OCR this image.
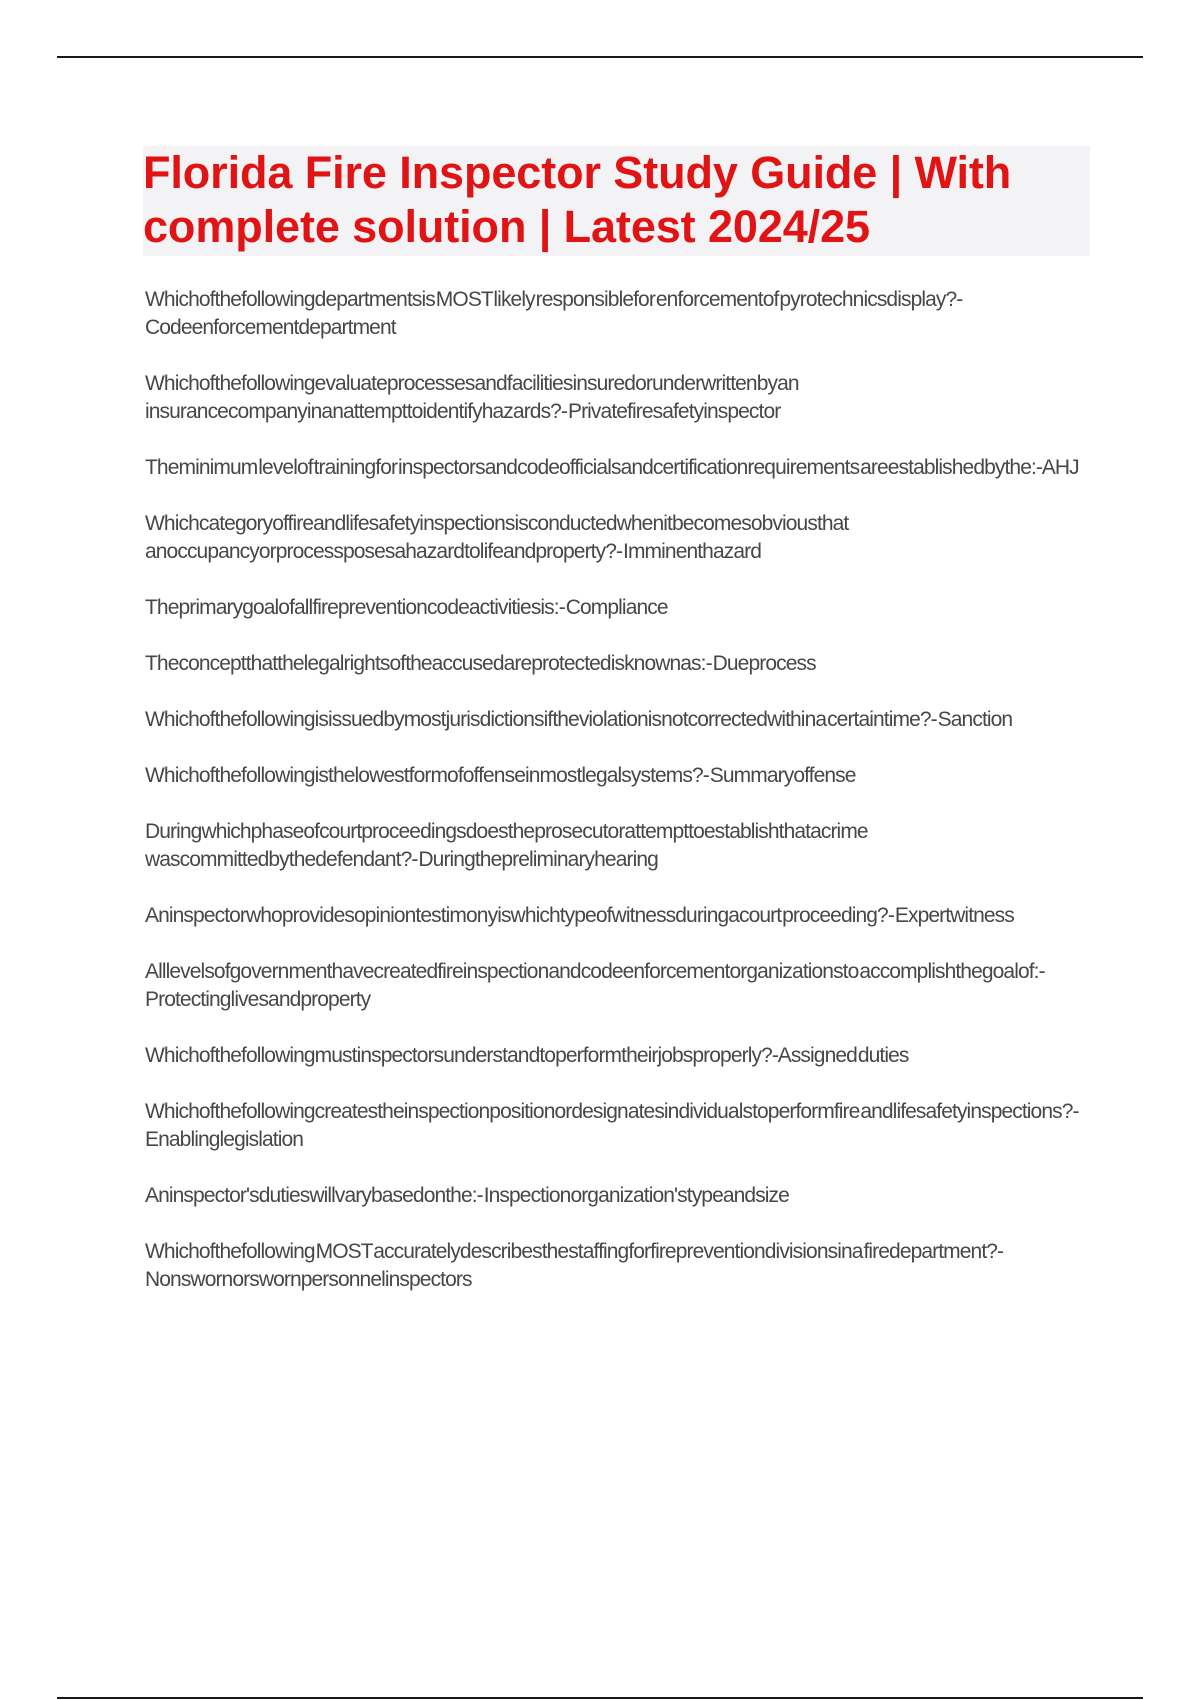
Florida Fire Inspector Study Guide | With complete solution | Latest 2024/25

Whichofthefollowingdepartmentsis MOST likely responsiblefor enforcementof pyrotechnicsdisplay?- Codeenforcementdepartment

Whichofthefollowingevaluateprocessesandfacilitiesinsuredorunderwrittenbyan insurancecompanyinanattempttoidentifyhazards?- Privatefiresafetyinspector

Theminimum levelof trainingfor inspectorsandcodeofficialsandcertificationrequirements areestablishedbythe:- AHJ

Whichcategoryoffireandlifesafetyinspectionsisconductedwhenitbecomesobviousthat anoccupancyorprocessposesahazardtolifeandproperty?- Imminenthazard

Theprimarygoalofallfirepreventioncodeactivitiesis:- Compliance

Theconceptthatthelegalrightsoftheaccusedareprotectedisknownas:- Dueprocess

Whichofthefollowingisissuedbymostjurisdictionsiftheviolationisnotcorrectedwithina certaintime?- Sanction

Whichofthefollowingisthelowestformofoffenseinmostlegalsystems?- Summaryoffense

Duringwhichphaseofcourtproceedingsdoestheprosecutorattempttoestablishthatacrime wascommittedbythedefendant?- Duringthepreliminaryhearing

Aninspectorwhoprovidesopiniontestimonyiswhichtypeofwitnessduringacourt proceeding?- Expertwitness

Alllevelsofgovernmenthavecreatedfireinspectionandcodeenforcementorganizationsto accomplishthegoalof:- Protectinglivesandproperty

Whichofthefollowingmustinspectorsunderstandtoperformtheirjobsproperly?- Assigned duties

Whichofthefollowingcreatestheinspectionpositionordesignatesindividualstoperformfire andlifesafetyinspections?- Enablinglegislation

Aninspector'sdutieswillvarybasedonthe:- Inspectionorganization'stypeandsize

Whichofthefollowing MOST accuratelydescribesthestaffingforfirepreventiondivisionsina firedepartment?- Nonswornorswornpersonnelinspectors
